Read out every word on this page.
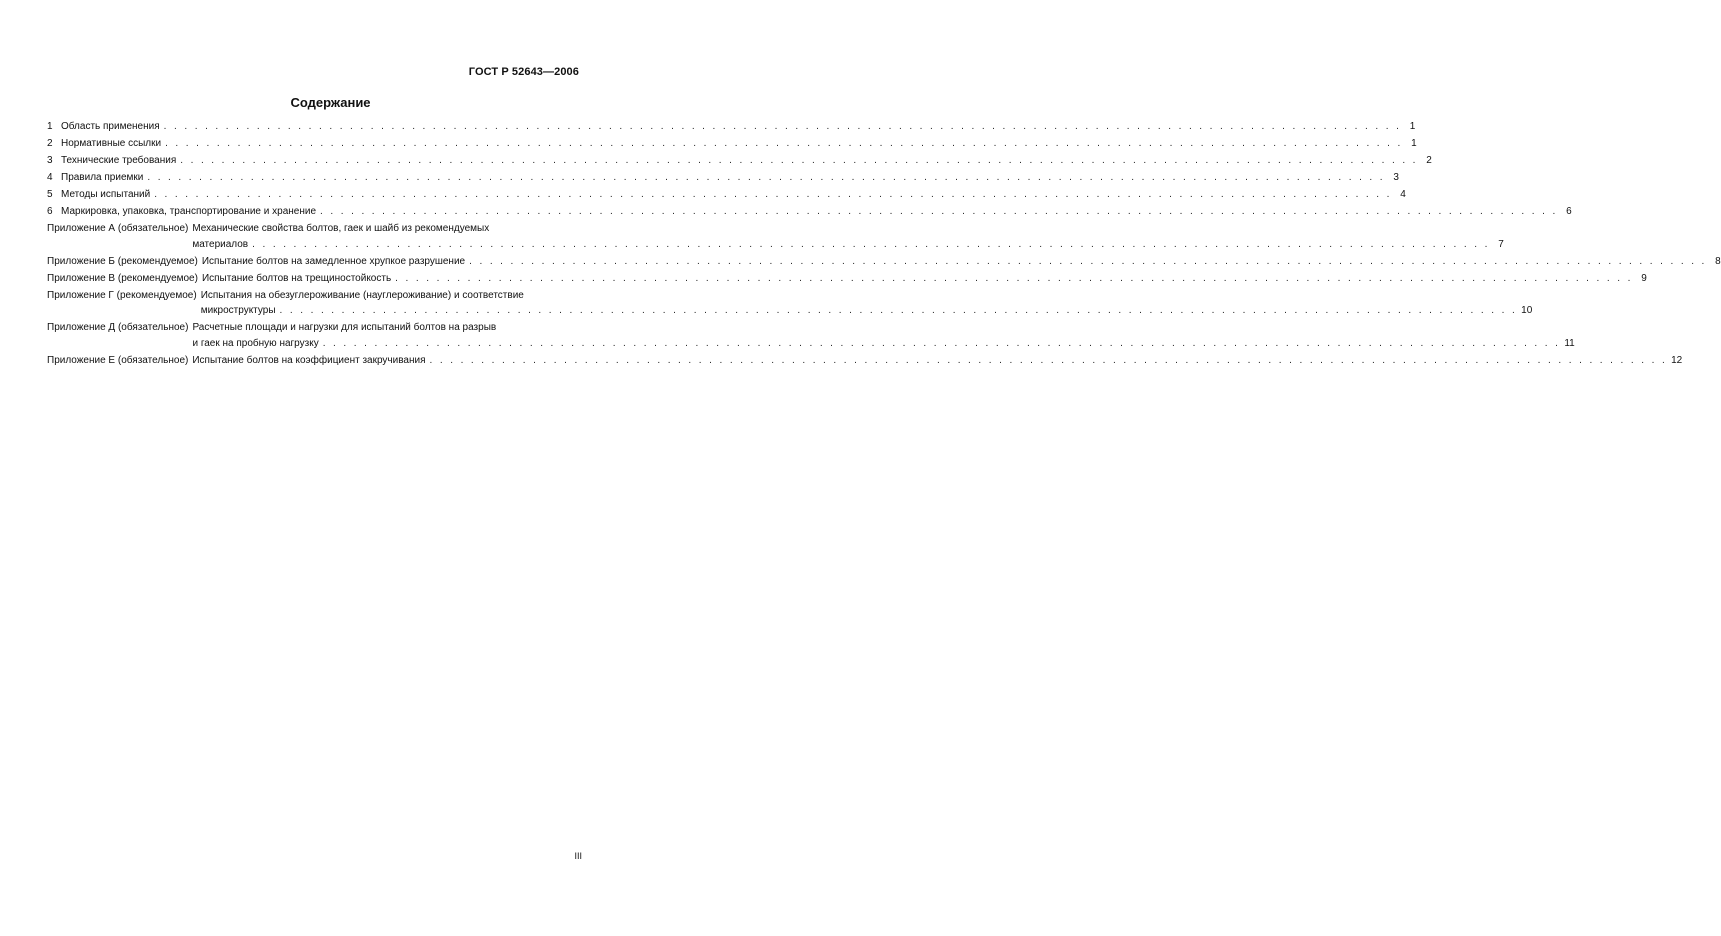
ГОСТ Р 52643—2006
Содержание
1 Область применения . . . . . . . . . . . . . . . . . . . . . . . . . . . . . . . . . . . . . . . . . . . . . . . . . . . . . . . . . . . . . . . . . . . . . . . . . . . . . . . . . . . . . . . . . . . . . . . . . . . . . . . . . . . . . . . . . . . . . . . . 1
2 Нормативные ссылки . . . . . . . . . . . . . . . . . . . . . . . . . . . . . . . . . . . . . . . . . . . . . . . . . . . . . . . . . . . . . . . . . . . . . . . . . . . . . . . . . . . . . . . . . . . . . . . . . . . . . . . . . . . . . . . . . . . . . . . . 1
3 Технические требования . . . . . . . . . . . . . . . . . . . . . . . . . . . . . . . . . . . . . . . . . . . . . . . . . . . . . . . . . . . . . . . . . . . . . . . . . . . . . . . . . . . . . . . . . . . . . . . . . . . . . . . . . . . . . . . . . . . . . . . . 2
4 Правила приемки . . . . . . . . . . . . . . . . . . . . . . . . . . . . . . . . . . . . . . . . . . . . . . . . . . . . . . . . . . . . . . . . . . . . . . . . . . . . . . . . . . . . . . . . . . . . . . . . . . . . . . . . . . . . . . . . . . . . . . . . 3
5 Методы испытаний . . . . . . . . . . . . . . . . . . . . . . . . . . . . . . . . . . . . . . . . . . . . . . . . . . . . . . . . . . . . . . . . . . . . . . . . . . . . . . . . . . . . . . . . . . . . . . . . . . . . . . . . . . . . . . . . . . . . . . . . 4
6 Маркировка, упаковка, транспортирование и хранение . . . . . . . . . . . . . . . . . . . . . . . . . . . . . . . . . . . . . . . . . . . . . . . . . . . . . . . . . . . . . . . . . . . . . . . . . . . . . . . . . . . . . . . . . . . . . . . . . . . . . . . . . . . . . . . . . . . . . . . . 6
Приложение А (обязательное) Механические свойства болтов, гаек и шайб из рекомендуемых
материалов . . . . . . . . . . . . . . . . . . . . . . . . . . . . . . . . . . . . . . . . . . . . . . . . . . . . . . . . . . . . . . . . . . . . . . . . . . . . . . . . . . . . . . . . . . . . . . . . . . . . . . . . . . . . . . . . . . . . . . . . 7
Приложение Б (рекомендуемое) Испытание болтов на замедленное хрупкое разрушение . . . . . . . . . . . . . . . . . . . . . . . . . . . . . . . . . . . . . . . . . . . . . . . . . . . . . . . . . . . . . . . . . . . . . . . . . . . . . . . . . . . . . . . . . . . . . . . . . . . . . . . . . . . . . . . . . . . . . . . . 8
Приложение В (рекомендуемое) Испытание болтов на трещиностойкость . . . . . . . . . . . . . . . . . . . . . . . . . . . . . . . . . . . . . . . . . . . . . . . . . . . . . . . . . . . . . . . . . . . . . . . . . . . . . . . . . . . . . . . . . . . . . . . . . . . . . . . . . . . . . . . . . . . . . . . . 9
Приложение Г (рекомендуемое) Испытания на обезуглероживание (науглероживание) и соответствие
микроструктуры . . . . . . . . . . . . . . . . . . . . . . . . . . . . . . . . . . . . . . . . . . . . . . . . . . . . . . . . . . . . . . . . . . . . . . . . . . . . . . . . . . . . . . . . . . . . . . . . . . . . . . . . . . . . . . . . . . . . . . . . 10
Приложение Д (обязательное) Расчетные площади и нагрузки для испытаний болтов на разрыв
и гаек на пробную нагрузку . . . . . . . . . . . . . . . . . . . . . . . . . . . . . . . . . . . . . . . . . . . . . . . . . . . . . . . . . . . . . . . . . . . . . . . . . . . . . . . . . . . . . . . . . . . . . . . . . . . . . . . . . . . . . . . . . . . . . . . . 11
Приложение Е (обязательное) Испытание болтов на коэффициент закручивания . . . . . . . . . . . . . . . . . . . . . . . . . . . . . . . . . . . . . . . . . . . . . . . . . . . . . . . . . . . . . . . . . . . . . . . . . . . . . . . . . . . . . . . . . . . . . . . . . . . . . . . . . . . . . . . . . . . . . . . . 12
III
